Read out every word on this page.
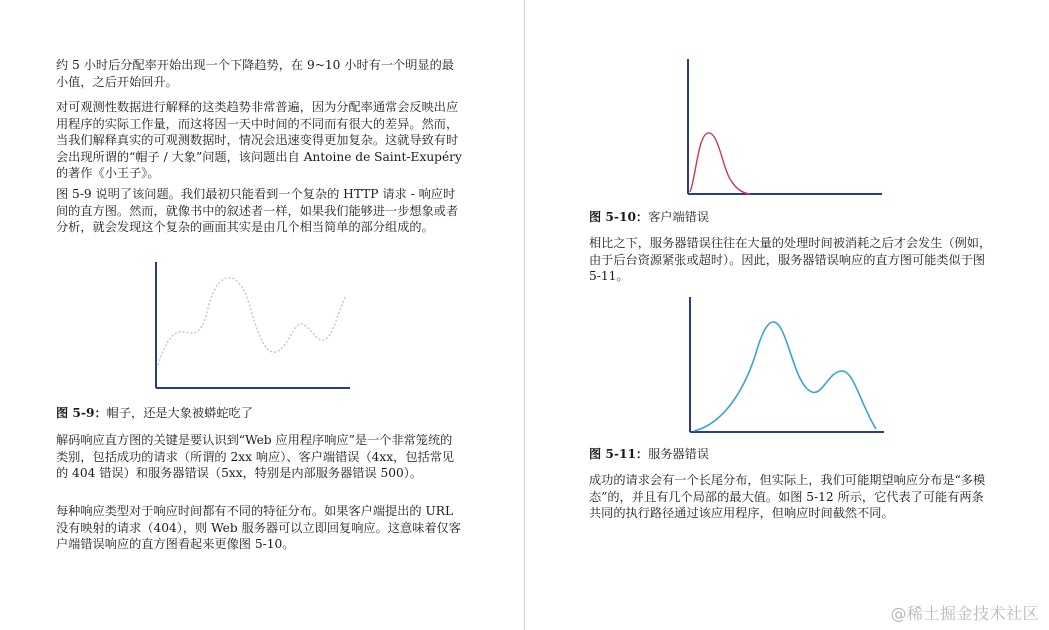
约 5 小时后分配率开始出现一个下降趋势，在 9~10 小时有一个明显的最小值，之后开始回升。

对可观测性数据进行解释的这类趋势非常普遍，因为分配率通常会反映出应用程序的实际工作量，而这将因一天中时间的不同而有很大的差异。然而，当我们解释真实的可观测数据时，情况会迅速变得更加复杂。这就导致有时会出现所谓的“帽子 / 大象”问题，该问题出自 Antoine de Saint-Exupéry 的著作《小王子》。

图 5-9 说明了该问题。我们最初只能看到一个复杂的 HTTP 请求 - 响应时间的直方图。然而，就像书中的叙述者一样，如果我们能够进一步想象或者分析，就会发现这个复杂的画面其实是由几个相当简单的部分组成的。

图 5-9：帽子，还是大象被蟒蛇吃了

解码响应直方图的关键是要认识到“Web 应用程序响应”是一个非常笼统的类别，包括成功的请求（所谓的 2xx 响应）、客户端错误（4xx，包括常见的 404 错误）和服务器错误（5xx，特别是内部服务器错误 500）。

每种响应类型对于响应时间都有不同的特征分布。如果客户端提出的 URL 没有映射的请求（404），则 Web 服务器可以立即回复响应。这意味着仅客户端错误响应的直方图看起来更像图 5-10。

图 5-10：客户端错误

相比之下，服务器错误往往在大量的处理时间被消耗之后才会发生（例如，由于后台资源紧张或超时）。因此，服务器错误响应的直方图可能类似于图 5-11。

图 5-11：服务器错误

成功的请求会有一个长尾分布，但实际上，我们可能期望响应分布是“多模态”的，并且有几个局部的最大值。如图 5-12 所示，它代表了可能有两条共同的执行路径通过该应用程序，但响应时间截然不同。

@稀土掘金技术社区
